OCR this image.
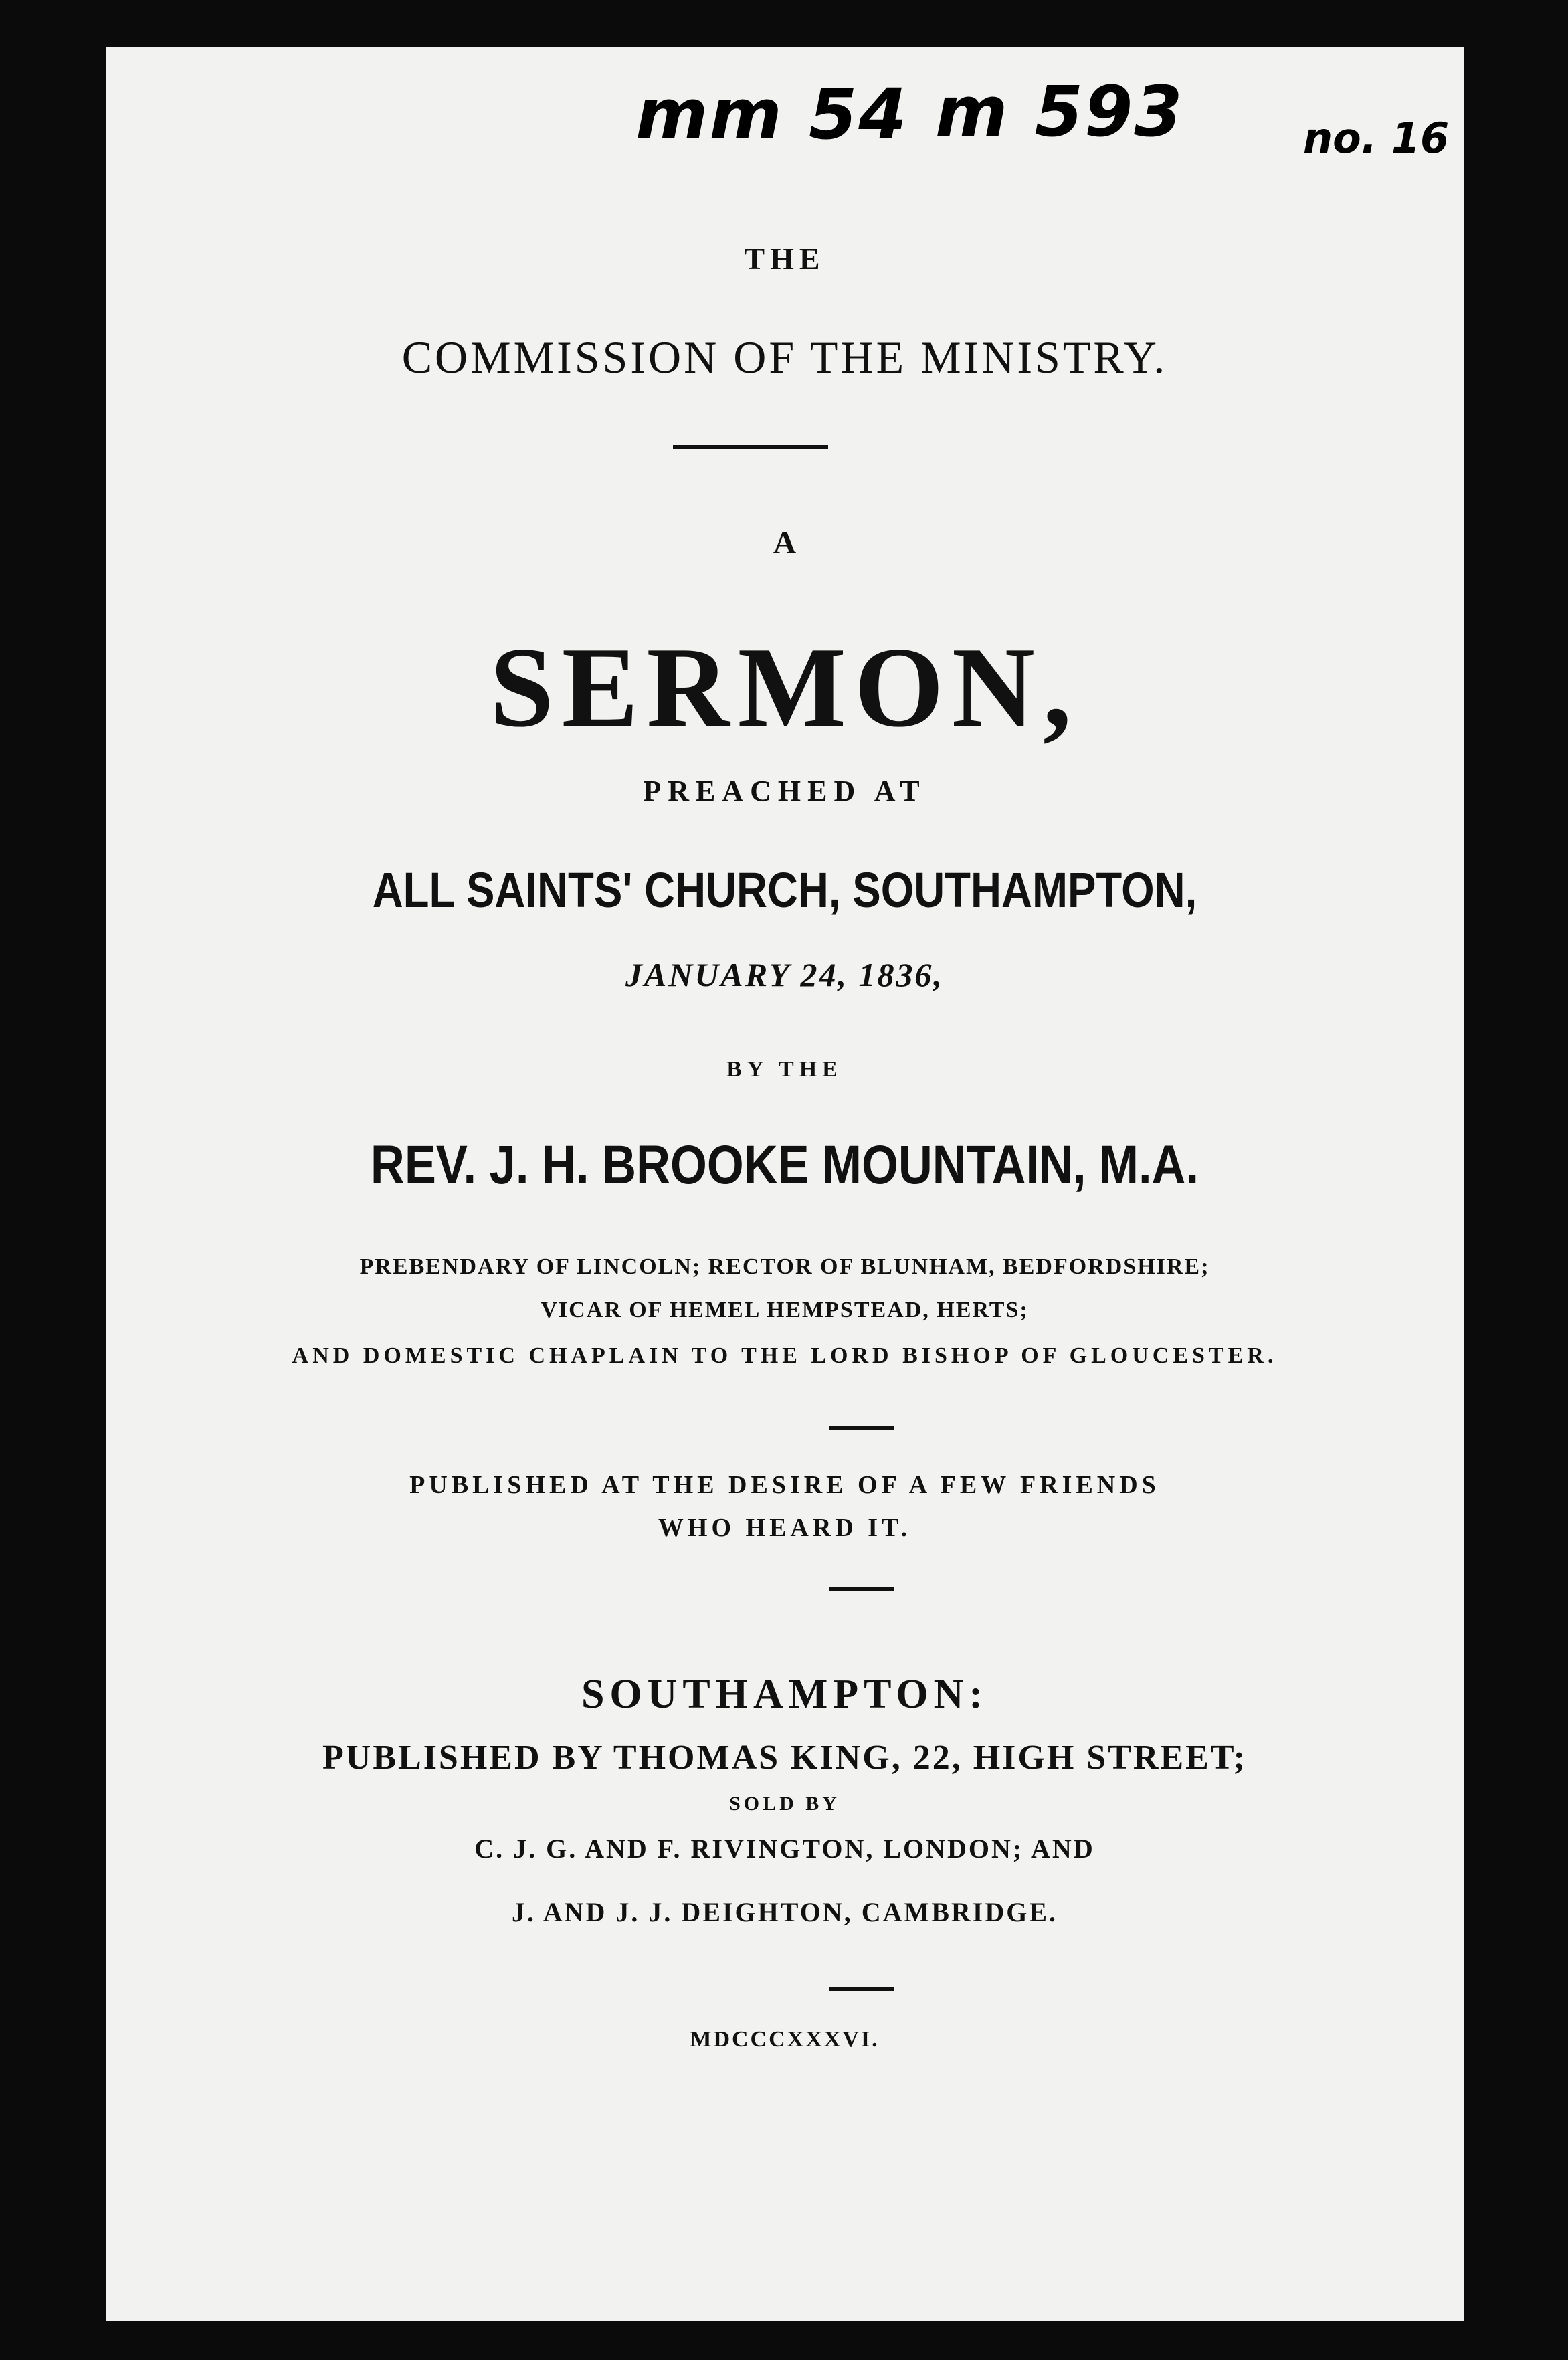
mm 54 m 593	no. 16
THE
COMMISSION OF THE MINISTRY.
A
SERMON,
PREACHED AT
ALL SAINTS' CHURCH, SOUTHAMPTON,
JANUARY 24, 1836,
BY THE
REV. J. H. BROOKE MOUNTAIN, M.A.
PREBENDARY OF LINCOLN; RECTOR OF BLUNHAM, BEDFORDSHIRE;
VICAR OF HEMEL HEMPSTEAD, HERTS;
AND DOMESTIC CHAPLAIN TO THE LORD BISHOP OF GLOUCESTER.
PUBLISHED AT THE DESIRE OF A FEW FRIENDS
WHO HEARD IT.
SOUTHAMPTON:
PUBLISHED BY THOMAS KING, 22, HIGH STREET;
SOLD BY
C. J. G. AND F. RIVINGTON, LONDON; AND
J. AND J. J. DEIGHTON, CAMBRIDGE.
MDCCCXXXVI.
